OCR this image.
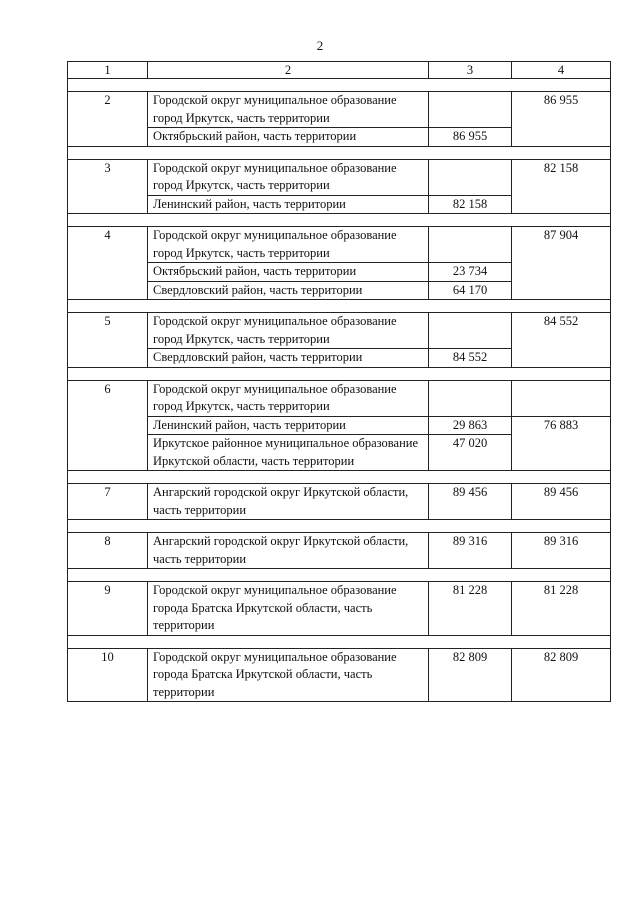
2
1	2	3	4

2	Городской округ муниципальное образование город Иркутск, часть территории		86 955
	Октябрьский район, часть территории	86 955	

3	Городской округ муниципальное образование город Иркутск, часть территории		82 158
	Ленинский район, часть территории	82 158	

4	Городской округ муниципальное образование город Иркутск, часть территории		87 904
	Октябрьский район, часть территории	23 734	
	Свердловский район, часть территории	64 170	

5	Городской округ муниципальное образование город Иркутск, часть территории		84 552
	Свердловский район, часть территории	84 552	

6	Городской округ муниципальное образование город Иркутск, часть территории		
	Ленинский район, часть территории	29 863	76 883
	Иркутское районное муниципальное образование Иркутской области, часть территории	47 020	

7	Ангарский городской округ Иркутской области, часть территории	89 456	89 456

8	Ангарский городской округ Иркутской области, часть территории	89 316	89 316

9	Городской округ муниципальное образование города Братска Иркутской области, часть территории	81 228	81 228

10	Городской округ муниципальное образование города Братска Иркутской области, часть территории	82 809	82 809
